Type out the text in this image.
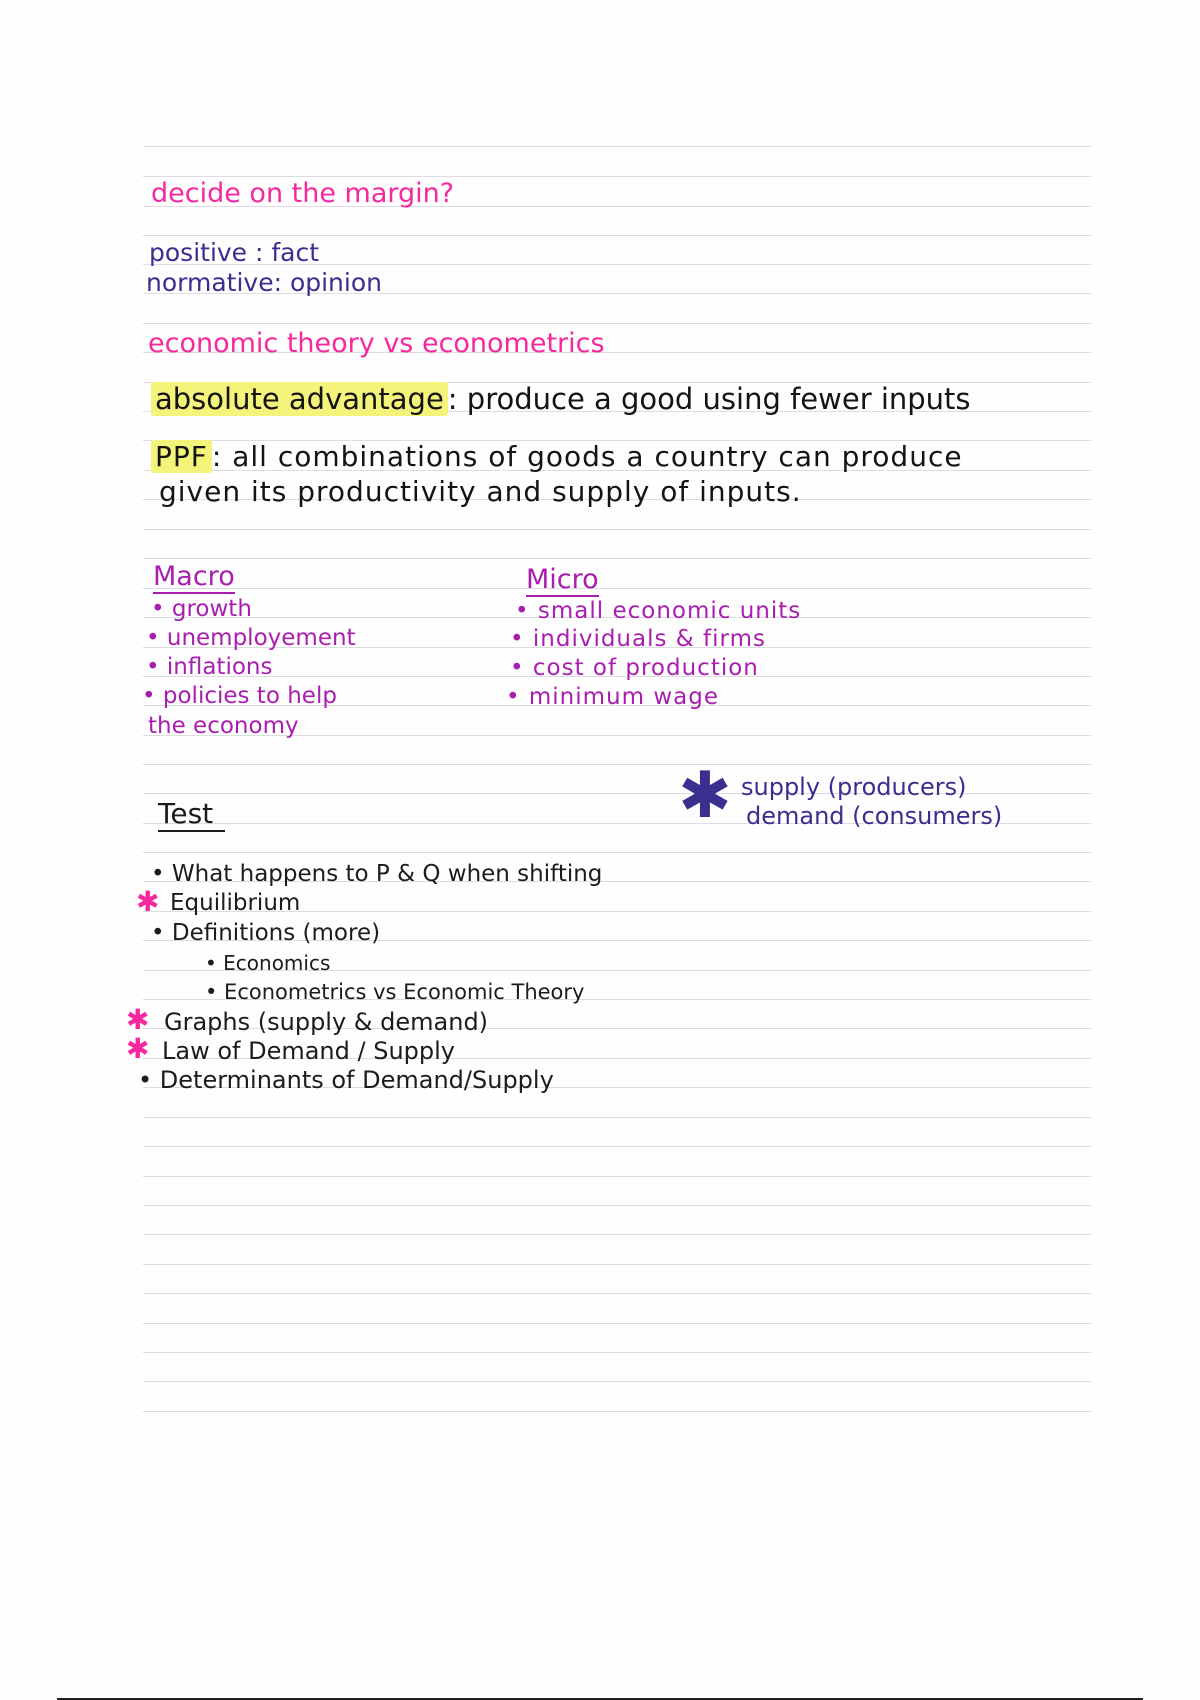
decide on the margin?
positive : fact
normative: opinion
economic theory vs econometrics
absolute advantage : produce a good using fewer inputs
PPF : all combinations of goods a country can produce
given its productivity and supply of inputs.
Macro
• growth
• unemployement
• inflations
• policies to help
the economy
Micro
• small economic units
• individuals & firms
• cost of production
• minimum wage
✱ supply (producers)
demand (consumers)
Test
• What happens to P & Q when shifting
✱ Equilibrium
• Definitions (more)
• Economics
• Econometrics vs Economic Theory
✱ Graphs (supply & demand)
✱ Law of Demand / Supply
• Determinants of Demand/Supply
